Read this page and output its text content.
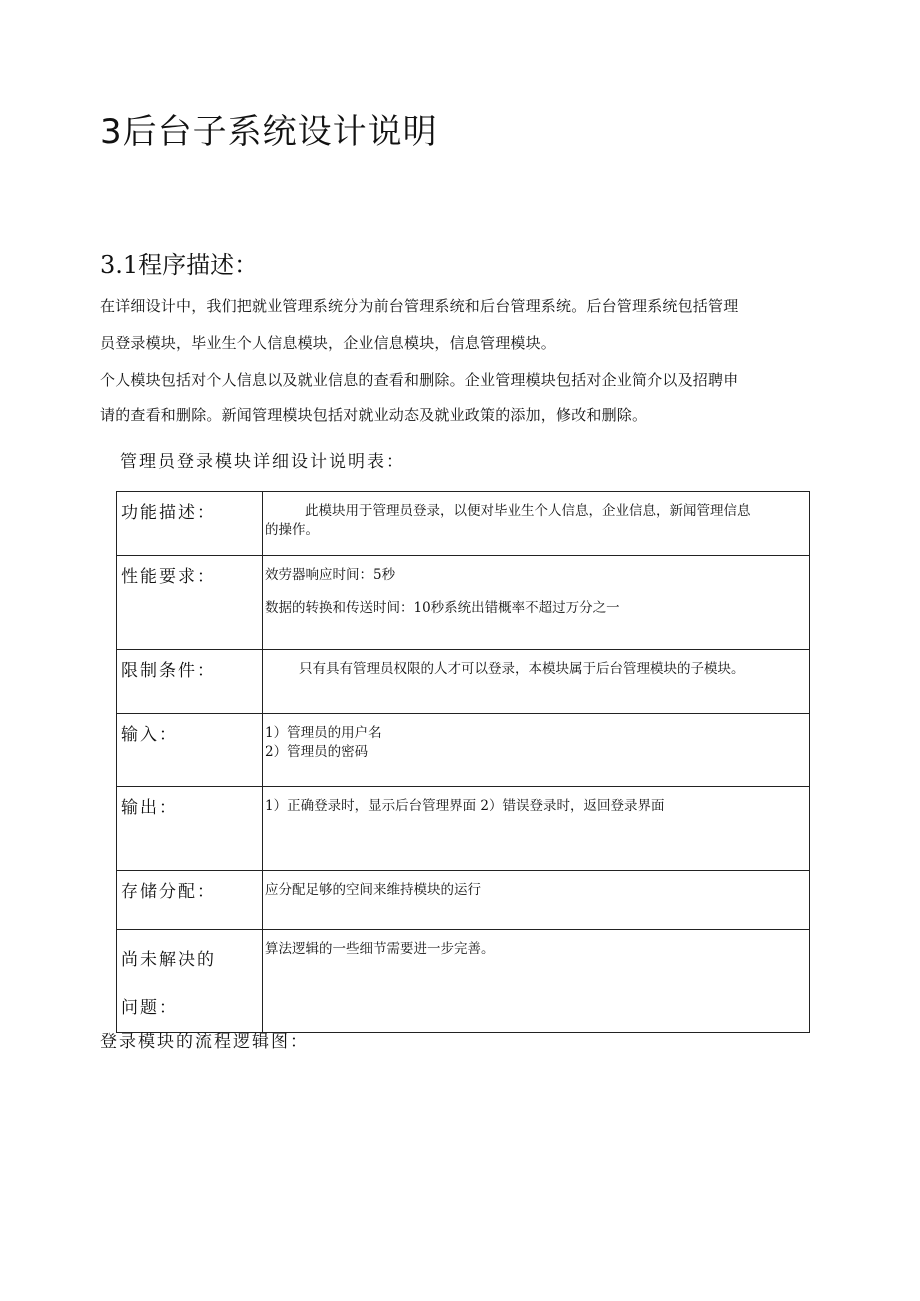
3后台子系统设计说明
3.1程序描述：
在详细设计中，我们把就业管理系统分为前台管理系统和后台管理系统。后台管理系统包括管理
员登录模块，毕业生个人信息模块，企业信息模块，信息管理模块。
个人模块包括对个人信息以及就业信息的查看和删除。企业管理模块包括对企业简介以及招聘申
请的查看和删除。新闻管理模块包括对就业动态及就业政策的添加，修改和删除。
管理员登录模块详细设计说明表：
功能描述：	此模块用于管理员登录，以便对毕业生个人信息，企业信息，新闻管理信息
的操作。

性能要求：	效劳器响应时间：5秒
数据的转换和传送时间：10秒系统出错概率不超过万分之一

限制条件：	只有具有管理员权限的人才可以登录，本模块属于后台管理模块的子模块。

输入：	1）管理员的用户名
2）管理员的密码

输出：	1）正确登录时，显示后台管理界面 2）错误登录时，返回登录界面

存储分配：	应分配足够的空间来维持模块的运行

尚未解决的
问题：	算法逻辑的一些细节需要进一步完善。
登录模块的流程逻辑图：
